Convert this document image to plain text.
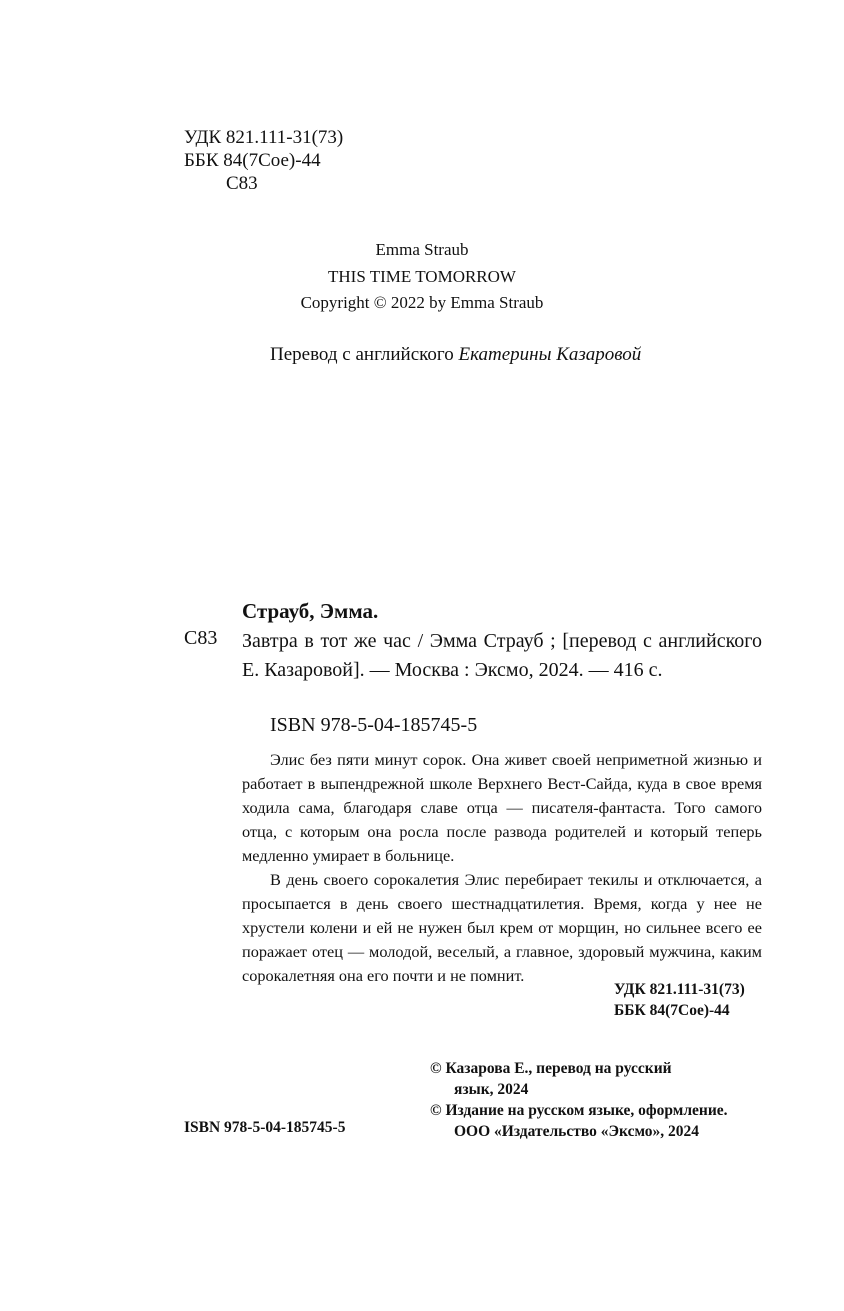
УДК 821.111-31(73)
ББК 84(7Сое)-44
С83
Emma Straub
THIS TIME TOMORROW
Copyright © 2022 by Emma Straub
Перевод с английского Екатерины Казаровой
Страуб, Эмма.
С83 Завтра в тот же час / Эмма Страуб ; [перевод с английского Е. Казаровой]. — Москва : Эксмо, 2024. — 416 с.
ISBN 978-5-04-185745-5

Элис без пяти минут сорок. Она живет своей неприметной жизнью и работает в выпендрежной школе Верхнего Вест-Сайда, куда в свое время ходила сама, благодаря славе отца — писателя-фантаста. Того самого отца, с которым она росла после развода родителей и который теперь медленно умирает в больнице.

В день своего сорокалетия Элис перебирает текилы и отключается, а просыпается в день своего шестнадцатилетия. Время, когда у нее не хрустели колени и ей не нужен был крем от морщин, но сильнее всего ее поражает отец — молодой, веселый, а главное, здоровый мужчина, каким сорокалетняя она его почти и не помнит.

УДК 821.111-31(73)
ББК 84(7Сое)-44
© Казарова Е., перевод на русский
язык, 2024
© Издание на русском языке, оформление.
ООО «Издательство «Эксмо», 2024
ISBN 978-5-04-185745-5
